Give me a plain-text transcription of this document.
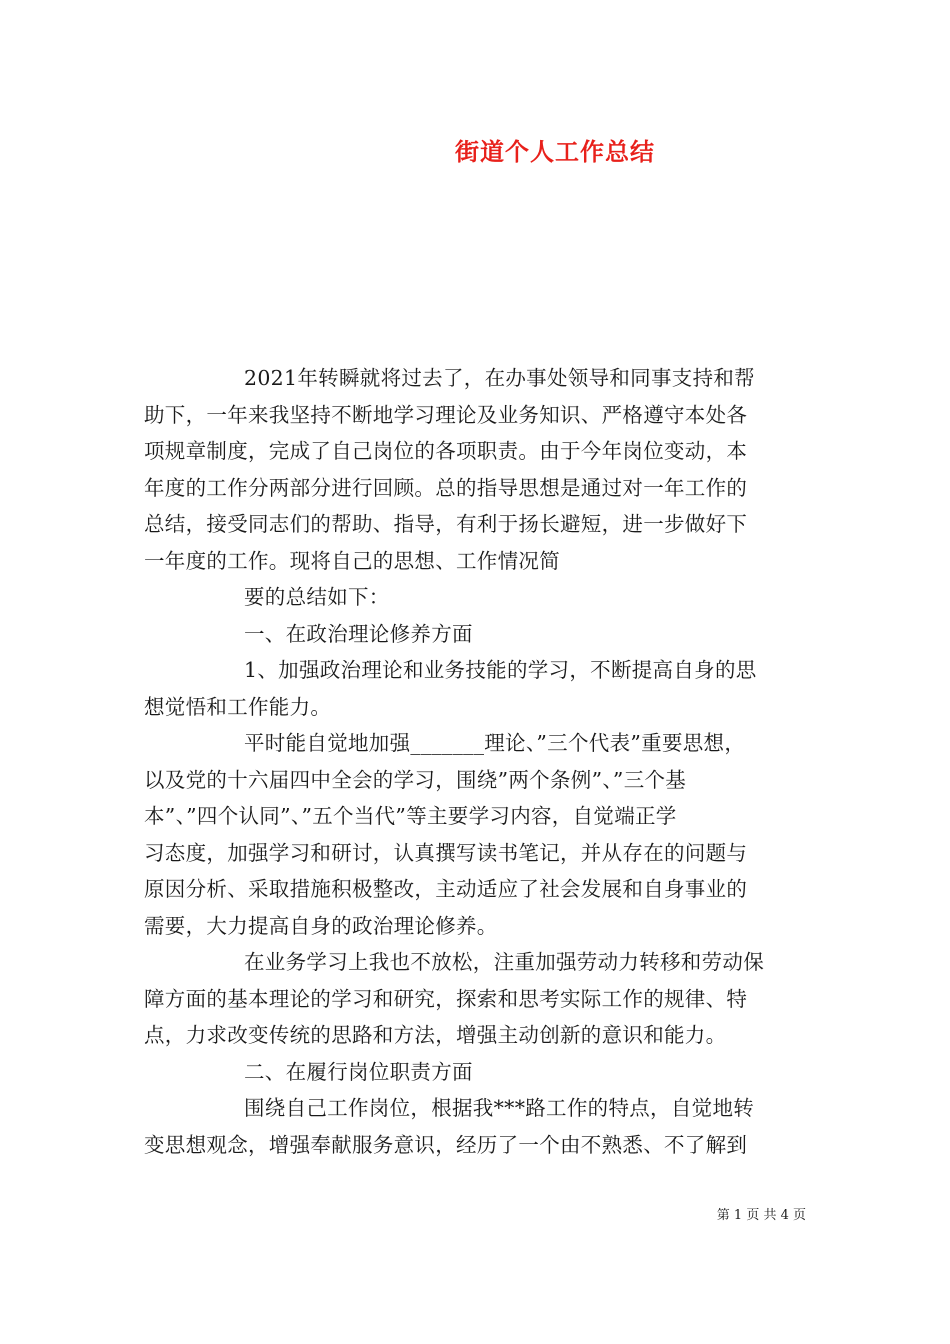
街道个人工作总结
2021年转瞬就将过去了，在办事处领导和同事支持和帮
助下，一年来我坚持不断地学习理论及业务知识、严格遵守本处各
项规章制度，完成了自己岗位的各项职责。由于今年岗位变动，本
年度的工作分两部分进行回顾。总的指导思想是通过对一年工作的
总结，接受同志们的帮助、指导，有利于扬长避短，进一步做好下
一年度的工作。现将自己的思想、工作情况简
要的总结如下：
一、在政治理论修养方面
1、加强政治理论和业务技能的学习，不断提高自身的思
想觉悟和工作能力。
平时能自觉地加强_______理论、”三个代表”重要思想，
以及党的十六届四中全会的学习，围绕”两个条例”、”三个基
本”、”四个认同”、”五个当代”等主要学习内容，自觉端正学
习态度，加强学习和研讨，认真撰写读书笔记，并从存在的问题与
原因分析、采取措施积极整改，主动适应了社会发展和自身事业的
需要，大力提高自身的政治理论修养。
在业务学习上我也不放松，注重加强劳动力转移和劳动保
障方面的基本理论的学习和研究，探索和思考实际工作的规律、特
点，力求改变传统的思路和方法，增强主动创新的意识和能力。
二、在履行岗位职责方面
围绕自己工作岗位，根据我***路工作的特点，自觉地转
变思想观念，增强奉献服务意识，经历了一个由不熟悉、不了解到
第 1 页 共 4 页
